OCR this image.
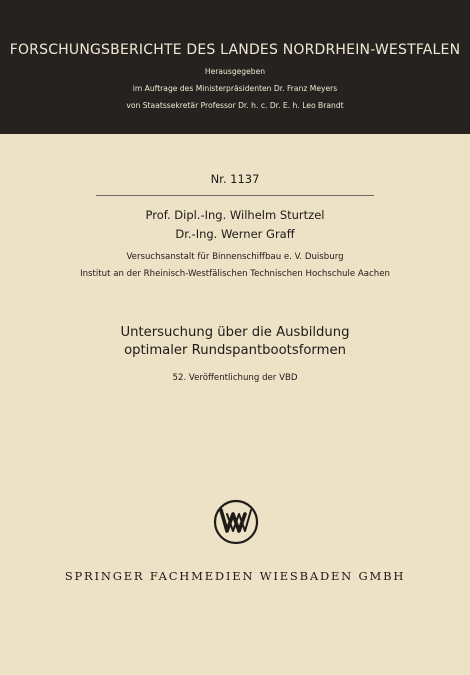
FORSCHUNGSBERICHTE DES LANDES NORDRHEIN-WESTFALEN
Herausgegeben
im Auftrage des Ministerpräsidenten Dr. Franz Meyers
von Staatssekretär Professor Dr. h. c. Dr. E. h. Leo Brandt
Nr. 1137
Prof. Dipl.-Ing. Wilhelm Sturtzel
Dr.-Ing. Werner Graff
Versuchsanstalt für Binnenschiffbau e. V. Duisburg
Institut an der Rheinisch-Westfälischen Technischen Hochschule Aachen
Untersuchung über die Ausbildung
optimaler Rundspantbootsformen
52. Veröffentlichung der VBD
SPRINGER FACHMEDIEN WIESBADEN GMBH
